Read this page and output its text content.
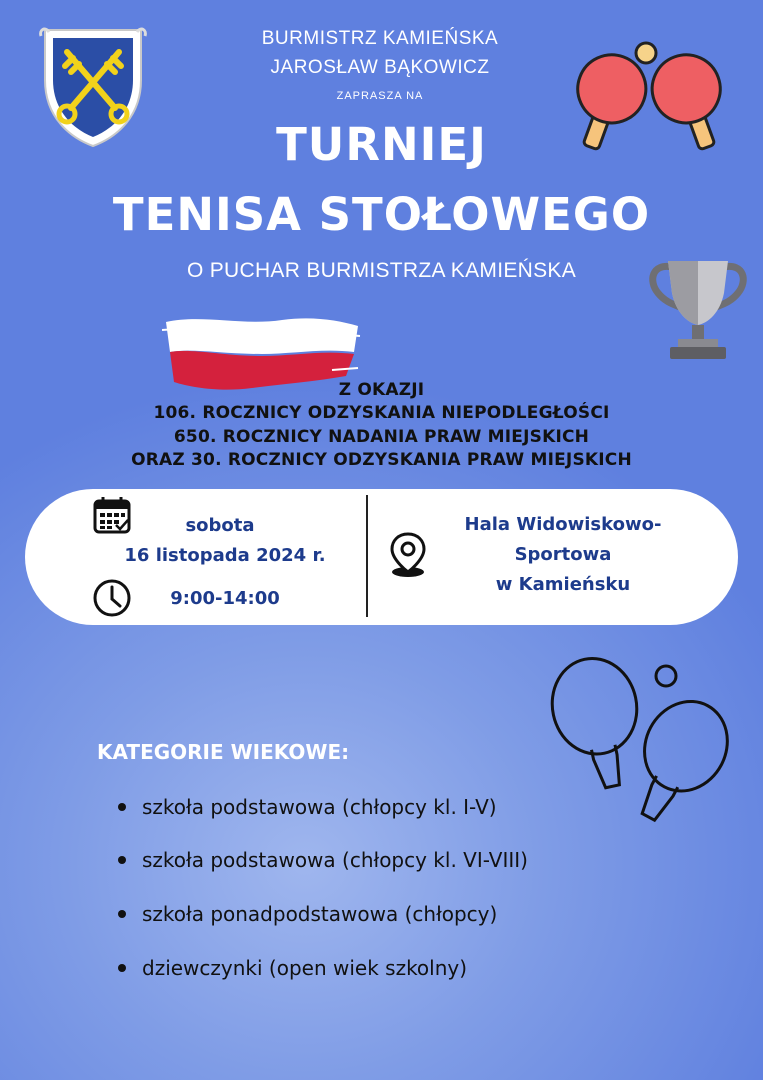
BURMISTRZ KAMIEŃSKA
JAROSŁAW BĄKOWICZ
ZAPRASZA NA
TURNIEJ
TENISA STOŁOWEGO
O PUCHAR BURMISTRZA KAMIEŃSKA
Z OKAZJI
106. ROCZNICY ODZYSKANIA NIEPODLEGŁOŚCI
650. ROCZNICY NADANIA PRAW MIEJSKICH
ORAZ 30. ROCZNICY ODZYSKANIA PRAW MIEJSKICH
sobota
16 listopada 2024 r.
9:00-14:00
Hala Widowiskowo-
Sportowa
w Kamieńsku
KATEGORIE WIEKOWE:
szkoła podstawowa (chłopcy kl. I-V)
szkoła podstawowa (chłopcy kl. VI-VIII)
szkoła ponadpodstawowa (chłopcy)
dziewczynki (open wiek szkolny)
